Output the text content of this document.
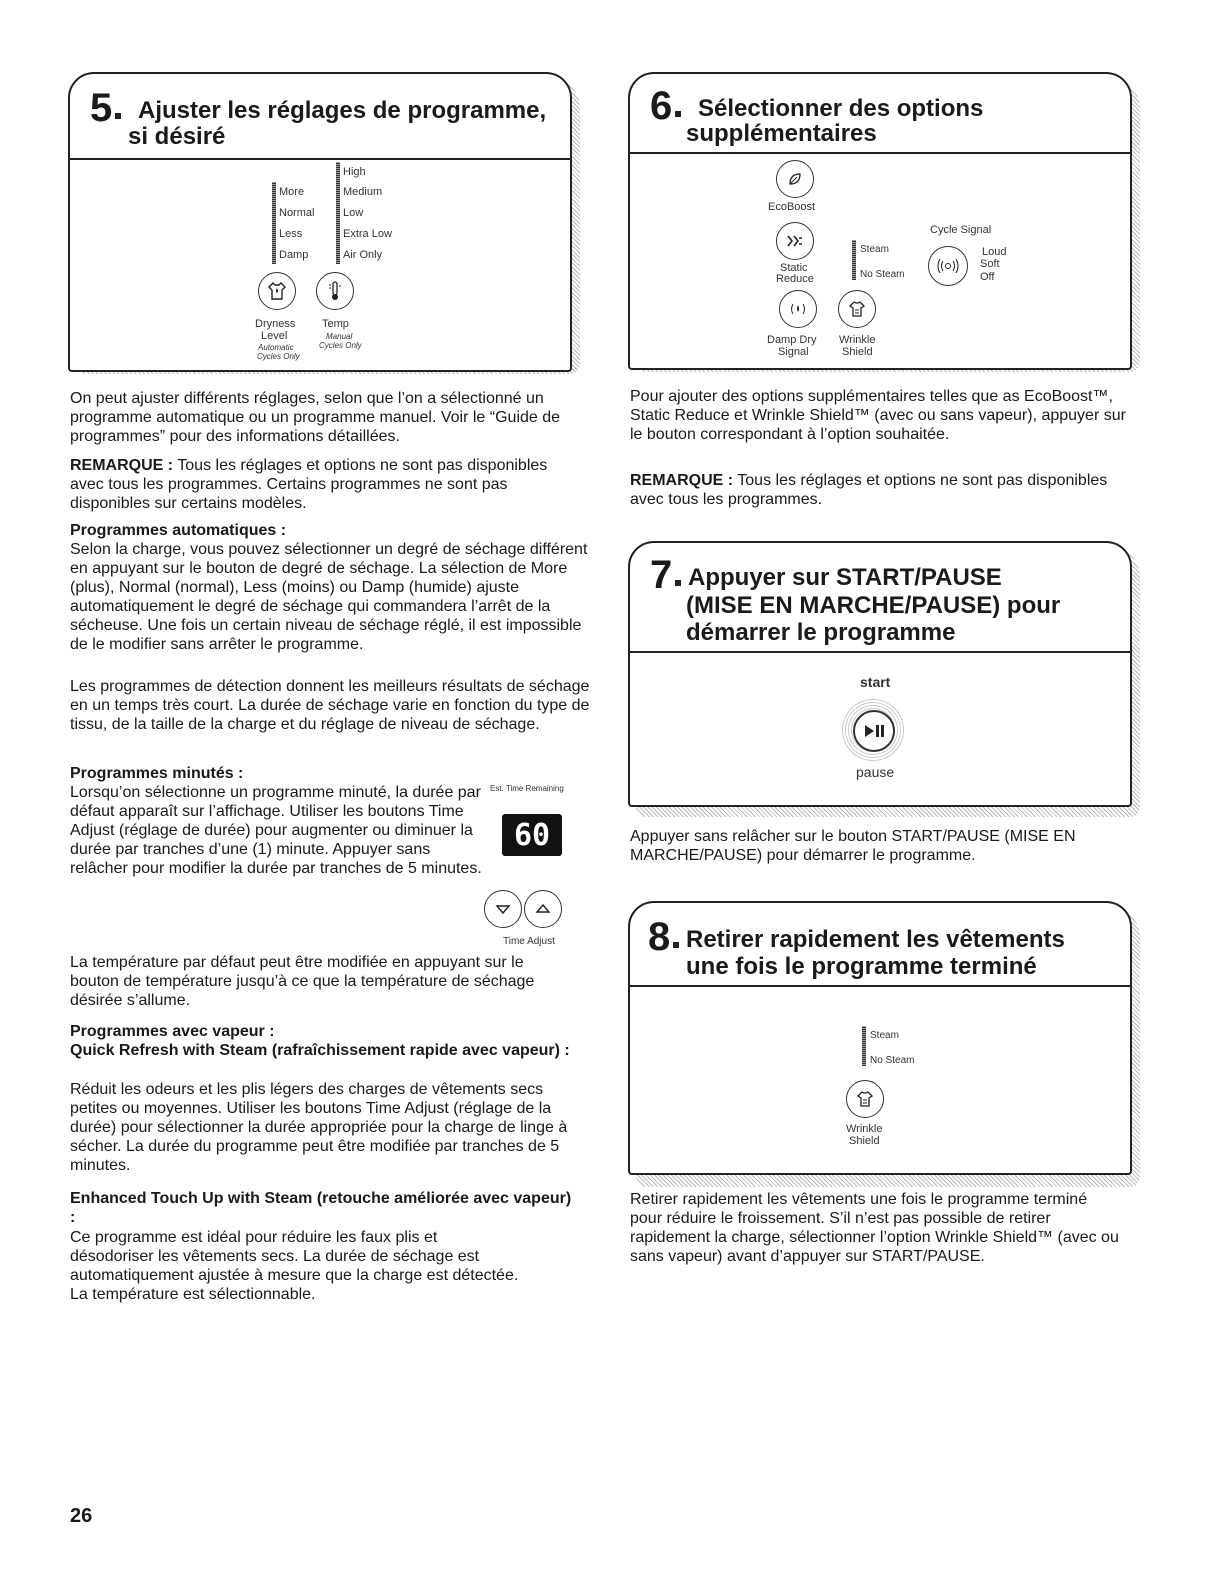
5	Ajuster les réglages de programme,
si désiré
More
Normal
Less
Damp
High
Medium
Low
Extra Low
Air Only
Dryness
Level
Automatic
Cycles Only
Temp
Manual
Cycles Only
On peut ajuster différents réglages, selon que l’on a sélectionné un programme automatique ou un programme manuel. Voir le “Guide de programmes” pour des informations détaillées.
REMARQUE : Tous les réglages et options ne sont pas disponibles avec tous les programmes. Certains programmes ne sont pas disponibles sur certains modèles.
Programmes automatiques :
Selon la charge, vous pouvez sélectionner un degré de séchage différent en appuyant sur le bouton de degré de séchage. La sélection de More (plus), Normal (normal), Less (moins) ou Damp (humide) ajuste automatiquement le degré de séchage qui commandera l’arrêt de la sécheuse. Une fois un certain niveau de séchage réglé, il est impossible de le modifier sans arrêter le programme.
Les programmes de détection donnent les meilleurs résultats de séchage en un temps très court. La durée de séchage varie en fonction du type de tissu, de la taille de la charge et du réglage de niveau de séchage.
Programmes minutés :
Lorsqu’on sélectionne un programme minuté, la durée par défaut apparaît sur l’affichage. Utiliser les boutons Time Adjust (réglage de durée) pour augmenter ou diminuer la durée par tranches d’une (1) minute. Appuyer sans relâcher pour modifier la durée par tranches de 5 minutes.
Est. Time Remaining
60
Time Adjust
La température par défaut peut être modifiée en appuyant sur le bouton de température jusqu’à ce que la température de séchage désirée s’allume.
Programmes avec vapeur :
Quick Refresh with Steam (rafraîchissement rapide avec vapeur) :
Réduit les odeurs et les plis légers des charges de vêtements secs petites ou moyennes. Utiliser les boutons Time Adjust (réglage de la durée) pour sélectionner la durée appropriée pour la charge de linge à sécher. La durée du programme peut être modifiée par tranches de 5 minutes.
Enhanced Touch Up with Steam (retouche améliorée avec vapeur) :
Ce programme est idéal pour réduire les faux plis et désodoriser les vêtements secs. La durée de séchage est automatiquement ajustée à mesure que la charge est détectée. La température est sélectionnable.
6	Sélectionner des options
supplémentaires
EcoBoost
Static
Reduce
Steam
No Steam
Cycle Signal
Loud
Soft
Off
Damp Dry
Signal
Wrinkle
Shield
Pour ajouter des options supplémentaires telles que as EcoBoost™, Static Reduce et Wrinkle Shield™ (avec ou sans vapeur), appuyer sur le bouton correspondant à l’option souhaitée.
REMARQUE : Tous les réglages et options ne sont pas disponibles avec tous les programmes.
7 Appuyer sur START/PAUSE
(MISE EN MARCHE/PAUSE) pour
démarrer le programme
start
pause
Appuyer sans relâcher sur le bouton START/PAUSE (MISE EN MARCHE/PAUSE) pour démarrer le programme.
8 Retirer rapidement les vêtements
une fois le programme terminé
Steam
No Steam
Wrinkle
Shield
Retirer rapidement les vêtements une fois le programme terminé pour réduire le froissement. S’il n’est pas possible de retirer rapidement la charge, sélectionner l’option Wrinkle Shield™ (avec ou sans vapeur) avant d’appuyer sur START/PAUSE.
26
